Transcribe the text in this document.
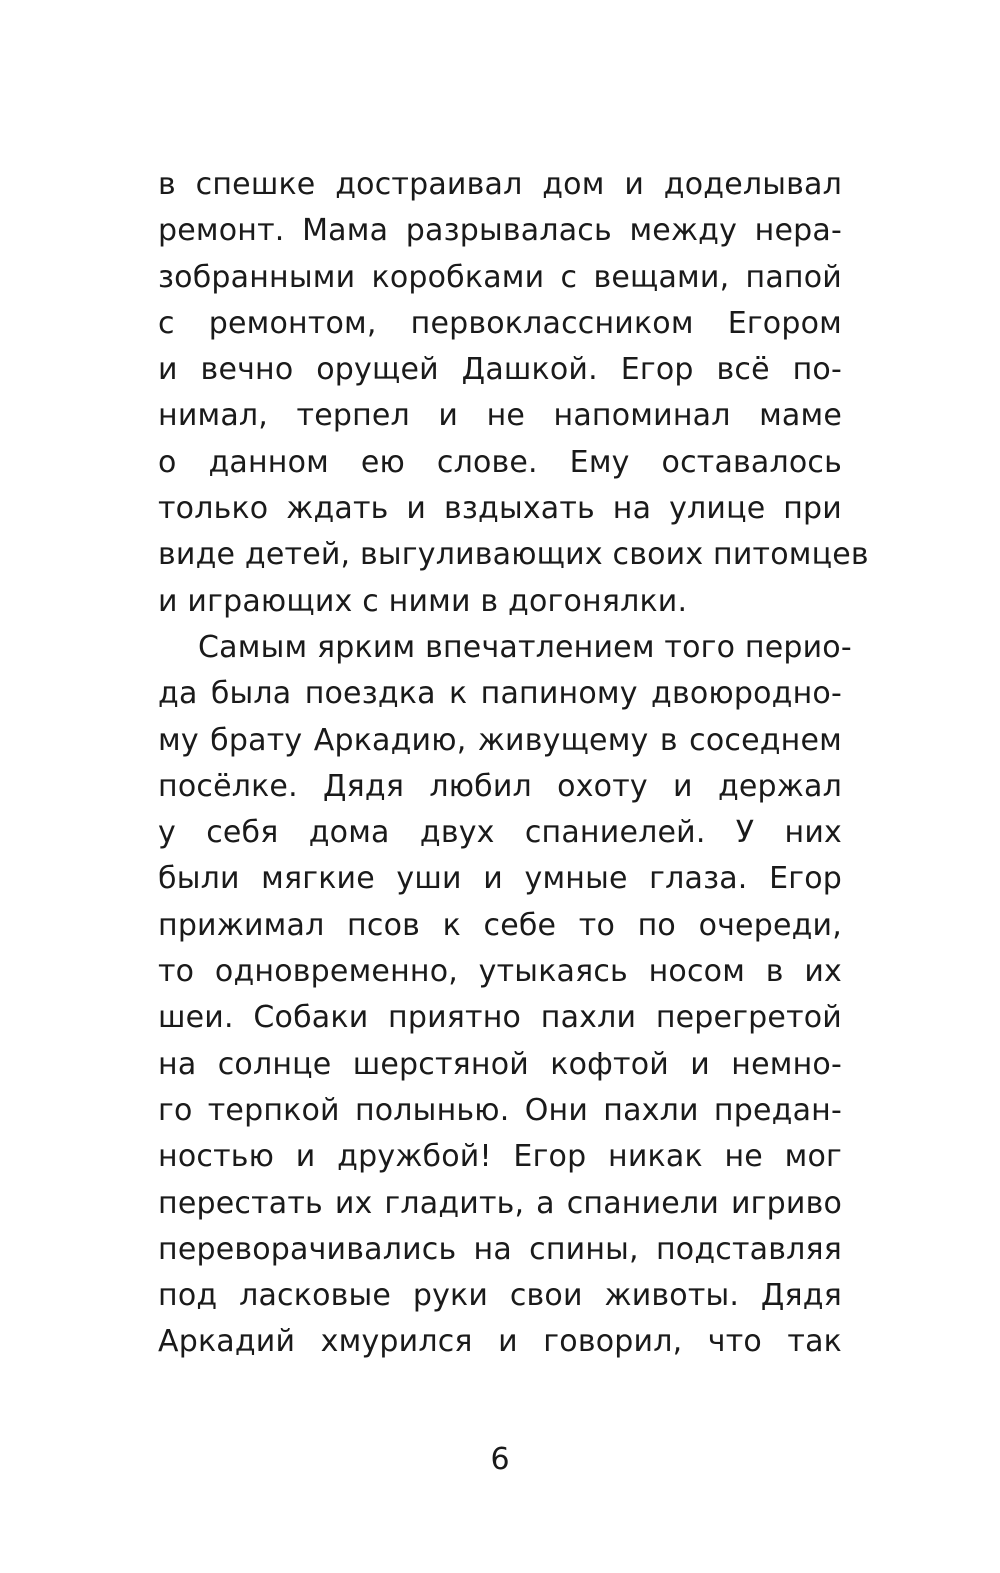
в спешке достраивал дом и доделывал
ремонт. Мама разрывалась между нера-
зобранными коробками с вещами, папой
с ремонтом, первоклассником Егором
и вечно орущей Дашкой. Егор всё по-
нимал, терпел и не напоминал маме
о данном ею слове. Ему оставалось
только ждать и вздыхать на улице при
виде детей, выгуливающих своих питомцев
и играющих с ними в догонялки.
Самым ярким впечатлением того перио-
да была поездка к папиному двоюродно-
му брату Аркадию, живущему в соседнем
посёлке. Дядя любил охоту и держал
у себя дома двух спаниелей. У них
были мягкие уши и умные глаза. Егор
прижимал псов к себе то по очереди,
то одновременно, утыкаясь носом в их
шеи. Собаки приятно пахли перегретой
на солнце шерстяной кофтой и немно-
го терпкой полынью. Они пахли предан-
ностью и дружбой! Егор никак не мог
перестать их гладить, а спаниели игриво
переворачивались на спины, подставляя
под ласковые руки свои животы. Дядя
Аркадий хмурился и говорил, что так
6
